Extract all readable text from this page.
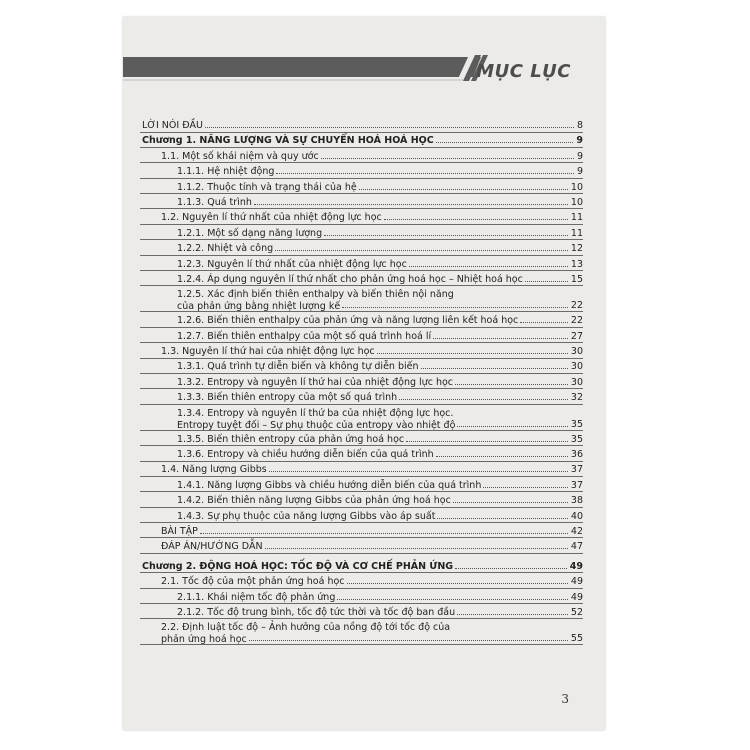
MỤC LỤC
LỜI NÓI ĐẦU	8
Chương 1. NĂNG LƯỢNG VÀ SỰ CHUYỂN HOÁ HOÁ HỌC	9
1.1. Một số khái niệm và quy ước	9
1.1.1. Hệ nhiệt động	9
1.1.2. Thuộc tính và trạng thái của hệ	10
1.1.3. Quá trình	10
1.2. Nguyên lí thứ nhất của nhiệt động lực học	11
1.2.1. Một số dạng năng lượng	11
1.2.2. Nhiệt và công	12
1.2.3. Nguyên lí thứ nhất của nhiệt động lực học	13
1.2.4. Áp dụng nguyên lí thứ nhất cho phản ứng hoá học – Nhiệt hoá học	15
1.2.5. Xác định biến thiên enthalpy và biến thiên nội năng của phản ứng bằng nhiệt lượng kế	22
1.2.6. Biến thiên enthalpy của phản ứng và năng lượng liên kết hoá học	22
1.2.7. Biến thiên enthalpy của một số quá trình hoá lí	27
1.3. Nguyên lí thứ hai của nhiệt động lực học	30
1.3.1. Quá trình tự diễn biến và không tự diễn biến	30
1.3.2. Entropy và nguyên lí thứ hai của nhiệt động lực học	30
1.3.3. Biến thiên entropy của một số quá trình	32
1.3.4. Entropy và nguyên lí thứ ba của nhiệt động lực học. Entropy tuyệt đối – Sự phụ thuộc của entropy vào nhiệt độ	35
1.3.5. Biến thiên entropy của phản ứng hoá học	35
1.3.6. Entropy và chiều hướng diễn biến của quá trình	36
1.4. Năng lượng Gibbs	37
1.4.1. Năng lượng Gibbs và chiều hướng diễn biến của quá trình	37
1.4.2. Biến thiên năng lượng Gibbs của phản ứng hoá học	38
1.4.3. Sự phụ thuộc của năng lượng Gibbs vào áp suất	40
BÀI TẬP	42
ĐÁP ÁN/HƯỚNG DẪN	47
Chương 2. ĐỘNG HOÁ HỌC: TỐC ĐỘ VÀ CƠ CHẾ PHẢN ỨNG	49
2.1. Tốc độ của một phản ứng hoá học	49
2.1.1. Khái niệm tốc độ phản ứng	49
2.1.2. Tốc độ trung bình, tốc độ tức thời và tốc độ ban đầu	52
2.2. Định luật tốc độ – Ảnh hưởng của nồng độ tới tốc độ của phản ứng hoá học	55
3
